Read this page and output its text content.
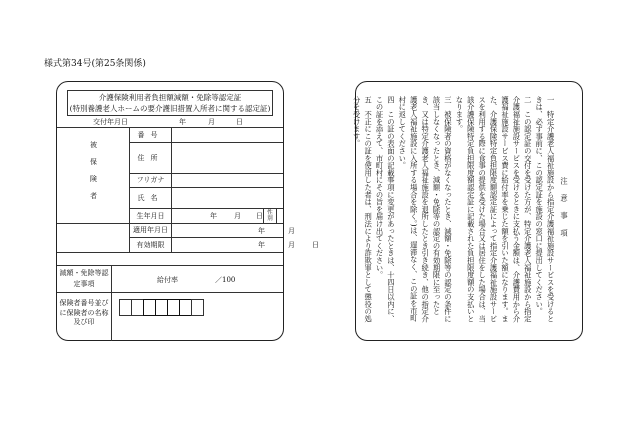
様式第34号(第25条関係)
介護保険利用者負担額減額・免除等認定証
(特別養護老人ホームの要介護旧措置入所者に関する認定証)
交付年月日	年	月	日
被保険者	番号			
	住所			
	フリガナ			
	氏名			
	生年月日	年 月 日	性別	
	適用年月日	年 月		

	有効期限	年 月 日		
減額・免除等認定事項	給付率	／100
保険者番号並びに保険者の名称及び印

注意事項

一　特定介護老人福祉施設から指定介護福祉施設サービスを受けるときは、必ず事前に、この認定証を施設の窓口に提出してください。

二　この認定証の交付を受けた方が、特定介護老人福祉施設から指定介護福祉施設サービスを受けるときに支払う金額は、介護費用から介護福祉施設サービス費に給付率を乗じた額を引いた額になります。また、介護保険特定負担限度額認定証によって指定介護福祉施設サービスを利用する際に食事の提供を受けた場合又は居住をした場合は、当該介護保険特定負担限度額認定証に記載された負担限度額の支払いとなります。

三　被保険者の資格がなくなったとき、減額・免除等の認定の条件に該当しなくなったとき、減額・免除等の認定の有効期限に至ったとき、又は特定介護老人福祉施設を退所したとき引き続き、他の指定介護老人福祉施設に入所する場合を除く。)は、遅滞なく、この証を市町村に返してください。

四　この証の表面の記載事項に変更があったときは、十四日以内に、この証を添えて、市町村にその旨を届け出てください。

五　不正にこの証を使用した者は、刑法により詐欺罪として懲役の処分を受けます。
